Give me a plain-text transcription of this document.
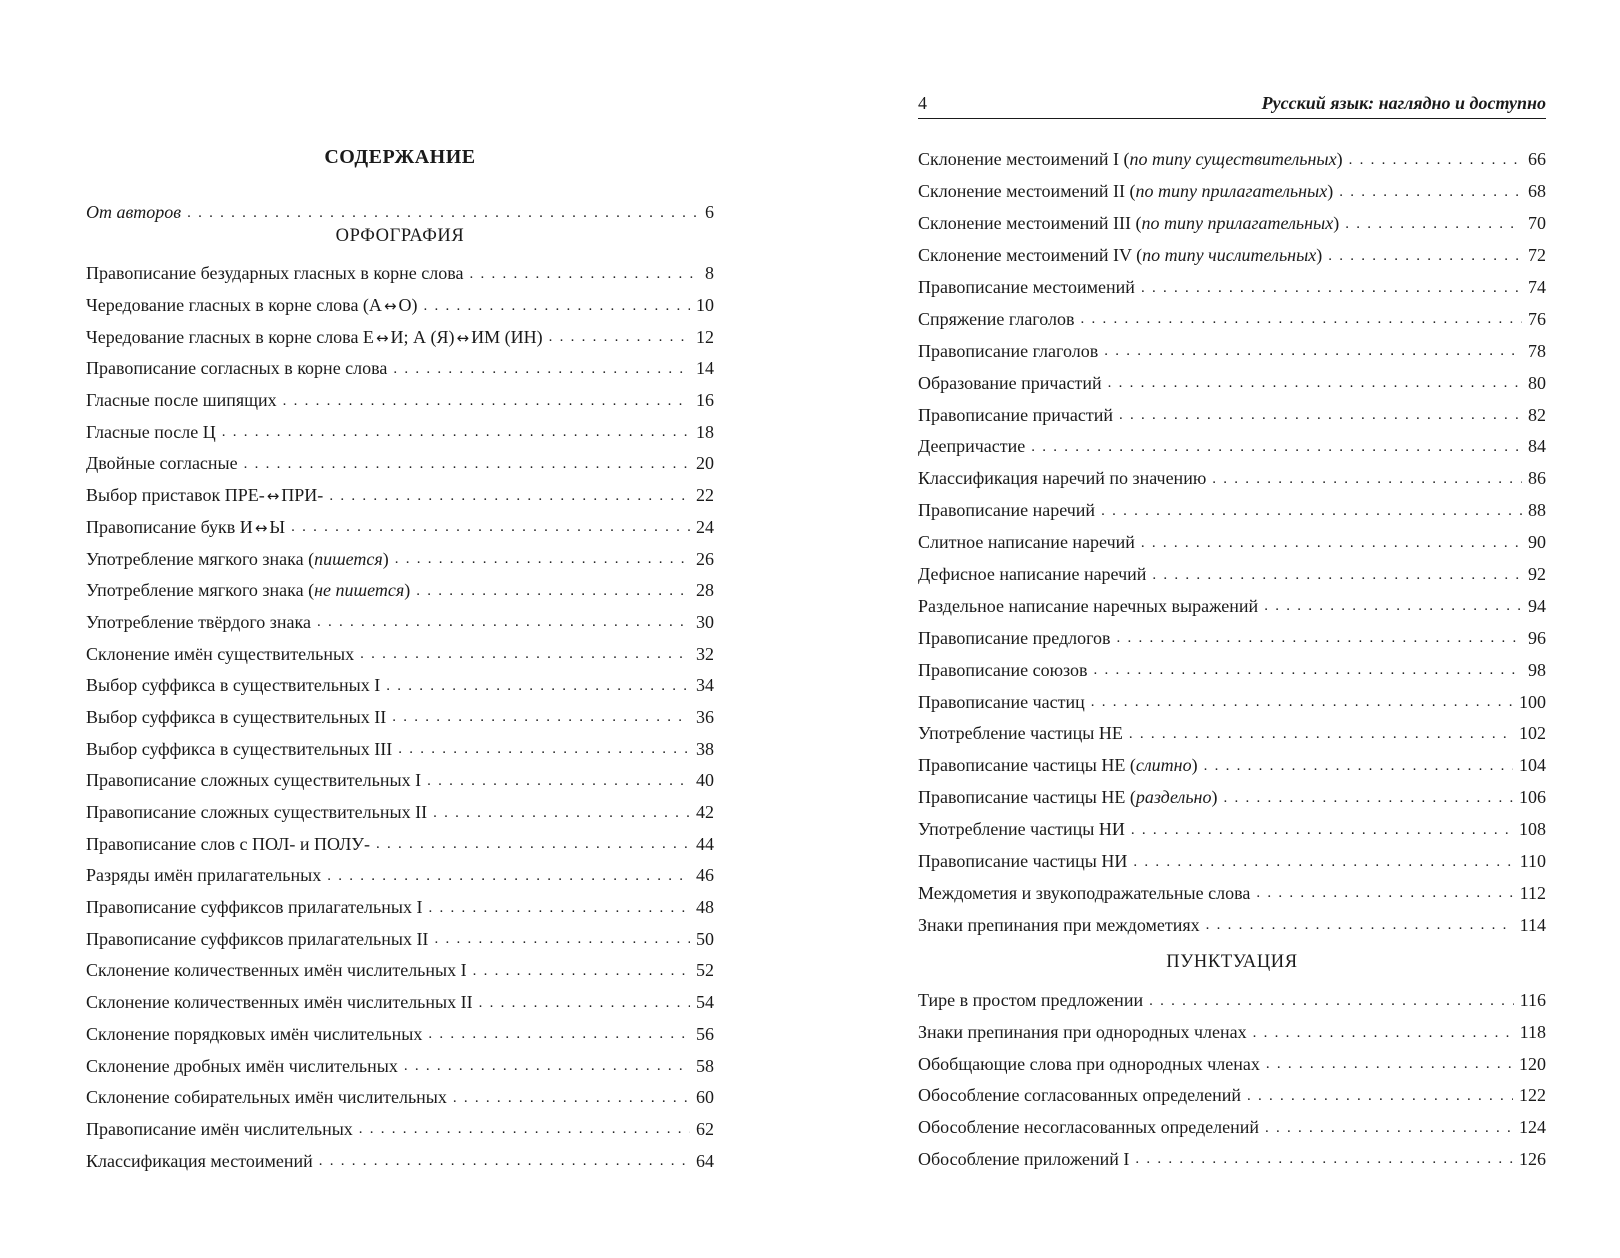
СОДЕРЖАНИЕ
От авторов . . .	6
ОРФОГРАФИЯ
Правописание безударных гласных в корне слова . . .	8
Чередование гласных в корне слова (А ↔ О) . . .	10
Чередование гласных в корне слова Е ↔ И; А (Я) ↔ ИМ (ИН) . . .	12
Правописание согласных в корне слова . . .	14
Гласные после шипящих . . .	16
Гласные после Ц . . .	18
Двойные согласные . . .	20
Выбор приставок ПРЕ- ↔ ПРИ- . . .	22
Правописание букв И ↔ Ы . . .	24
Употребление мягкого знака (пишется) . . .	26
Употребление мягкого знака (не пишется) . . .	28
Употребление твёрдого знака . . .	30
Склонение имён существительных . . .	32
Выбор суффикса в существительных I . . .	34
Выбор суффикса в существительных II . . .	36
Выбор суффикса в существительных III . . .	38
Правописание сложных существительных I . . .	40
Правописание сложных существительных II . . .	42
Правописание слов с ПОЛ- и ПОЛУ- . . .	44
Разряды имён прилагательных . . .	46
Правописание суффиксов прилагательных I . . .	48
Правописание суффиксов прилагательных II . . .	50
Склонение количественных имён числительных I . . .	52
Склонение количественных имён числительных II . . .	54
Склонение порядковых имён числительных . . .	56
Склонение дробных имён числительных . . .	58
Склонение собирательных имён числительных . . .	60
Правописание имён числительных . . .	62
Классификация местоимений . . .	64
4	Русский язык: наглядно и доступно
Склонение местоимений I (по типу существительных) . . .	66
Склонение местоимений II (по типу прилагательных) . . .	68
Склонение местоимений III (по типу прилагательных) . . .	70
Склонение местоимений IV (по типу числительных) . . .	72
Правописание местоимений . . .	74
Спряжение глаголов . . .	76
Правописание глаголов . . .	78
Образование причастий . . .	80
Правописание причастий . . .	82
Деепричастие . . .	84
Классификация наречий по значению . . .	86
Правописание наречий . . .	88
Слитное написание наречий . . .	90
Дефисное написание наречий . . .	92
Раздельное написание наречных выражений . . .	94
Правописание предлогов . . .	96
Правописание союзов . . .	98
Правописание частиц . . .	100
Употребление частицы НЕ . . .	102
Правописание частицы НЕ (слитно) . . .	104
Правописание частицы НЕ (раздельно) . . .	106
Употребление частицы НИ . . .	108
Правописание частицы НИ . . .	110
Междометия и звукоподражательные слова . . .	112
Знаки препинания при междометиях . . .	114
ПУНКТУАЦИЯ
Тире в простом предложении . . .	116
Знаки препинания при однородных членах . . .	118
Обобщающие слова при однородных членах . . .	120
Обособление согласованных определений . . .	122
Обособление несогласованных определений . . .	124
Обособление приложений I . . .	126
